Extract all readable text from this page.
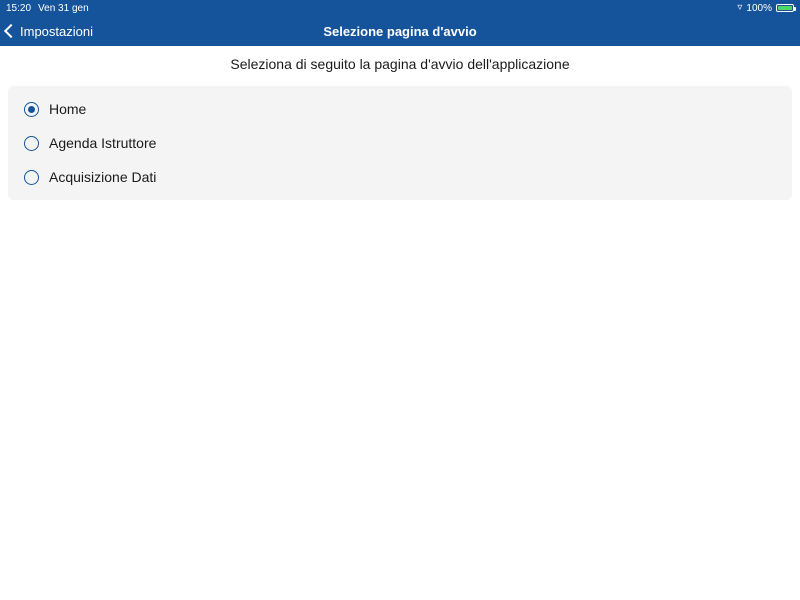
15:20 Ven 31 gen	▿ 100%
Impostazioni	Selezione pagina d'avvio
Seleziona di seguito la pagina d'avvio dell'applicazione
Home
Agenda Istruttore
Acquisizione Dati
